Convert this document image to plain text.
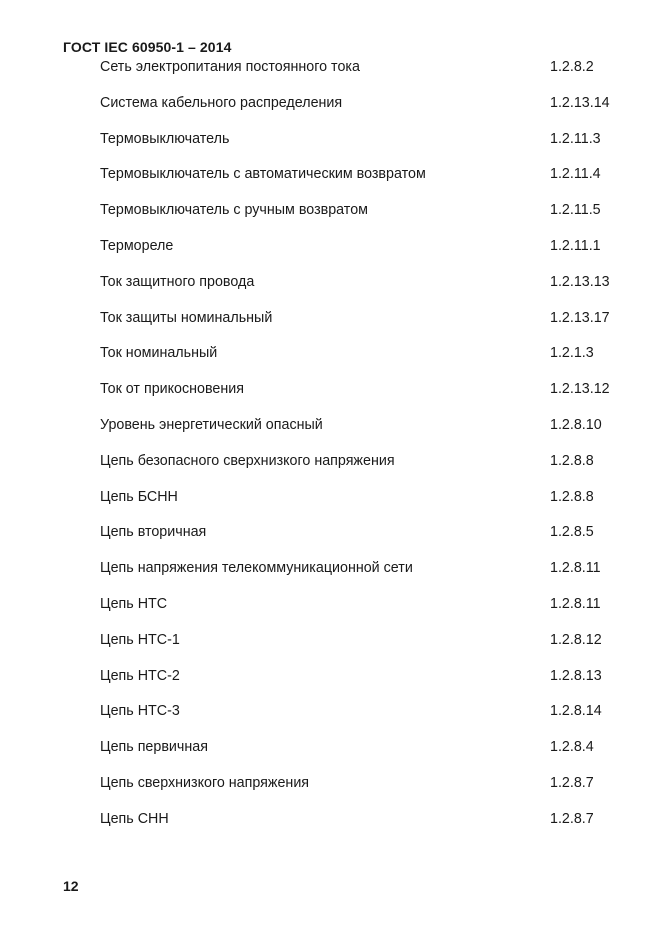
ГОСТ IEC 60950-1 – 2014
Сеть электропитания постоянного тока	1.2.8.2
Система кабельного распределения	1.2.13.14
Термовыключатель	1.2.11.3
Термовыключатель с автоматическим возвратом	1.2.11.4
Термовыключатель с ручным возвратом	1.2.11.5
Термореле	1.2.11.1
Ток защитного провода	1.2.13.13
Ток защиты номинальный	1.2.13.17
Ток номинальный	1.2.1.3
Ток от прикосновения	1.2.13.12
Уровень энергетический опасный	1.2.8.10
Цепь безопасного сверхнизкого напряжения	1.2.8.8
Цепь БСНН	1.2.8.8
Цепь вторичная	1.2.8.5
Цепь напряжения телекоммуникационной сети	1.2.8.11
Цепь НТС	1.2.8.11
Цепь НТС-1	1.2.8.12
Цепь НТС-2	1.2.8.13
Цепь НТС-3	1.2.8.14
Цепь первичная	1.2.8.4
Цепь сверхнизкого напряжения	1.2.8.7
Цепь СНН	1.2.8.7
12
